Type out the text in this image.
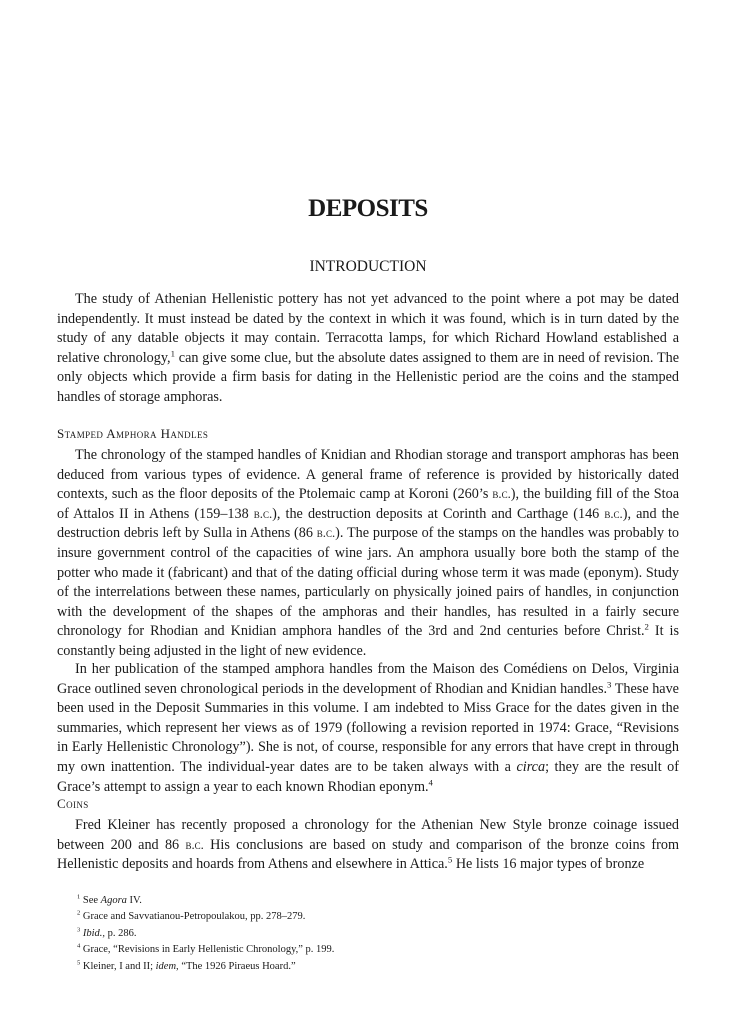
DEPOSITS
INTRODUCTION

The study of Athenian Hellenistic pottery has not yet advanced to the point where a pot may be dated independently. It must instead be dated by the context in which it was found, which is in turn dated by the study of any datable objects it may contain. Terracotta lamps, for which Richard Howland established a relative chronology,$^1$ can give some clue, but the absolute dates assigned to them are in need of revision. The only objects which provide a firm basis for dating in the Hellenistic period are the coins and the stamped handles of storage amphoras.

Stamped Amphora Handles

The chronology of the stamped handles of Knidian and Rhodian storage and transport amphoras has been deduced from various types of evidence. A general frame of reference is provided by historically dated contexts, such as the floor deposits of the Ptolemaic camp at Koroni (260’s b.c.), the building fill of the Stoa of Attalos II in Athens (159–138 b.c.), the destruction deposits at Corinth and Carthage (146 b.c.), and the destruction debris left by Sulla in Athens (86 b.c.). The purpose of the stamps on the handles was probably to insure government control of the capacities of wine jars. An amphora usually bore both the stamp of the potter who made it (fabricant) and that of the dating official during whose term it was made (eponym). Study of the interrelations between these names, particularly on physically joined pairs of handles, in conjunction with the development of the shapes of the amphoras and their handles, has resulted in a fairly secure chronology for Rhodian and Knidian amphora handles of the 3rd and 2nd centuries before Christ.$^2$ It is constantly being adjusted in the light of new evidence.

In her publication of the stamped amphora handles from the Maison des Comédiens on Delos, Virginia Grace outlined seven chronological periods in the development of Rhodian and Knidian handles.$^3$ These have been used in the Deposit Summaries in this volume. I am indebted to Miss Grace for the dates given in the summaries, which represent her views as of 1979 (following a revision reported in 1974: Grace, “Revisions in Early Hellenistic Chronology”). She is not, of course, responsible for any errors that have crept in through my own inattention. The individual-year dates are to be taken always with a circa; they are the result of Grace’s attempt to assign a year to each known Rhodian eponym.$^4$

Coins

Fred Kleiner has recently proposed a chronology for the Athenian New Style bronze coinage issued between 200 and 86 b.c. His conclusions are based on study and comparison of the bronze coins from Hellenistic deposits and hoards from Athens and elsewhere in Attica.$^5$ He lists 16 major types of bronze

$^1$ See Agora IV.

$^2$ Grace and Savvatianou-Petropoulakou, pp. 278–279.

$^3$ Ibid., p. 286.

$^4$ Grace, “Revisions in Early Hellenistic Chronology,” p. 199.

$^5$ Kleiner, I and II; idem, “The 1926 Piraeus Hoard.”
